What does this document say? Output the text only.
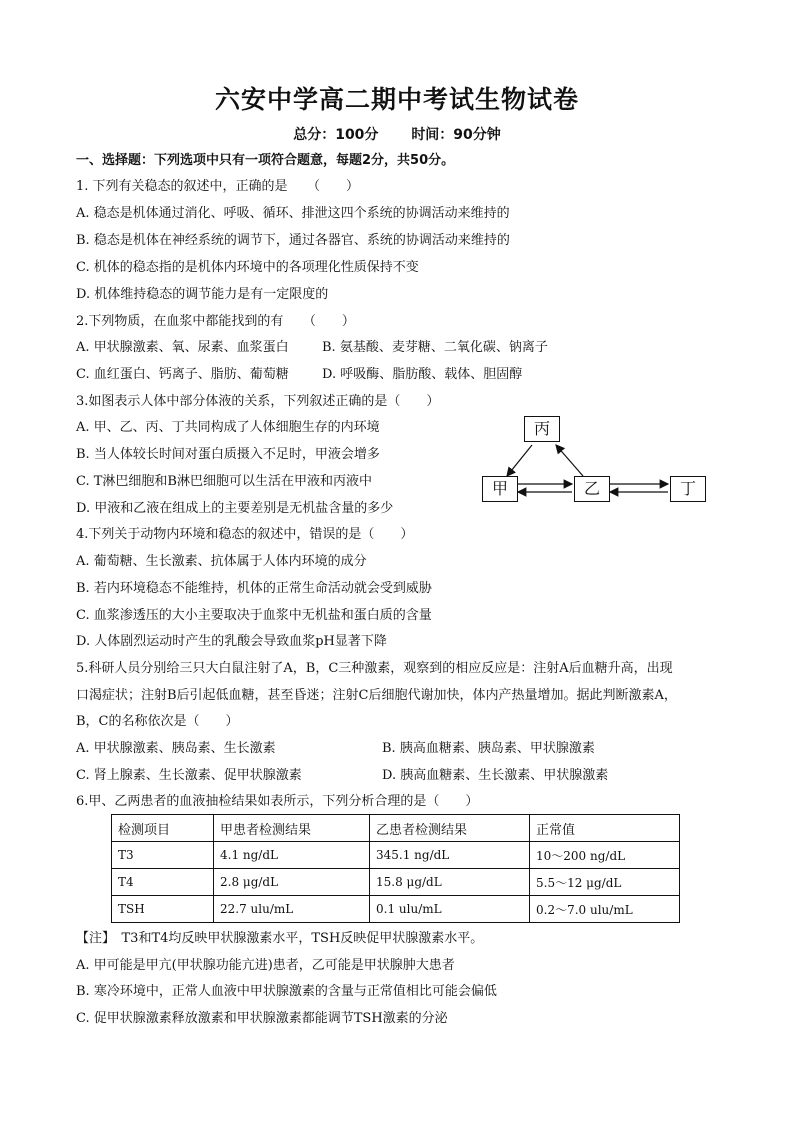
六安中学高二期中考试生物试卷
总分：100分 时间：90分钟
一、选择题：下列选项中只有一项符合题意，每题2分，共50分。
1. 下列有关稳态的叙述中，正确的是　　（　　）
A. 稳态是机体通过消化、呼吸、循环、排泄这四个系统的协调活动来维持的
B. 稳态是机体在神经系统的调节下，通过各器官、系统的协调活动来维持的
C. 机体的稳态指的是机体内环境中的各项理化性质保持不变
D. 机体维持稳态的调节能力是有一定限度的
2.下列物质，在血浆中都能找到的有　　（　　）
A. 甲状腺激素、氧、尿素、血浆蛋白	B. 氨基酸、麦芽糖、二氧化碳、钠离子
C. 血红蛋白、钙离子、脂肪、葡萄糖	D. 呼吸酶、脂肪酸、载体、胆固醇
3.如图表示人体中部分体液的关系，下列叙述正确的是（　　）
A. 甲、乙、丙、丁共同构成了人体细胞生存的内环境
B. 当人体较长时间对蛋白质摄入不足时，甲液会增多
C. T淋巴细胞和B淋巴细胞可以生活在甲液和丙液中
D. 甲液和乙液在组成上的主要差别是无机盐含量的多少
丙
甲	乙	丁
4.下列关于动物内环境和稳态的叙述中，错误的是（　　）
A. 葡萄糖、生长激素、抗体属于人体内环境的成分
B. 若内环境稳态不能维持，机体的正常生命活动就会受到威胁
C. 血浆渗透压的大小主要取决于血浆中无机盐和蛋白质的含量
D. 人体剧烈运动时产生的乳酸会导致血浆pH显著下降
5.科研人员分别给三只大白鼠注射了A，B，C三种激素，观察到的相应反应是：注射A后血糖升高，出现
口渴症状；注射B后引起低血糖，甚至昏迷；注射C后细胞代谢加快，体内产热量增加。据此判断激素A，
B，C的名称依次是（　　）
A. 甲状腺激素、胰岛素、生长激素	B. 胰高血糖素、胰岛素、甲状腺激素
C. 肾上腺素、生长激素、促甲状腺激素	D. 胰高血糖素、生长激素、甲状腺激素
6.甲、乙两患者的血液抽检结果如表所示，下列分析合理的是（　　）
检测项目	甲患者检测结果	乙患者检测结果	正常值
T3	4.1 ng/dL	345.1 ng/dL	10～200 ng/dL
T4	2.8 μg/dL	15.8 μg/dL	5.5～12 μg/dL
TSH	22.7 ulu/mL	0.1 ulu/mL	0.2～7.0 ulu/mL
【注】　T3和T4均反映甲状腺激素水平，TSH反映促甲状腺激素水平。
A. 甲可能是甲亢(甲状腺功能亢进)患者，乙可能是甲状腺肿大患者
B. 寒冷环境中，正常人血液中甲状腺激素的含量与正常值相比可能会偏低
C. 促甲状腺激素释放激素和甲状腺激素都能调节TSH激素的分泌
